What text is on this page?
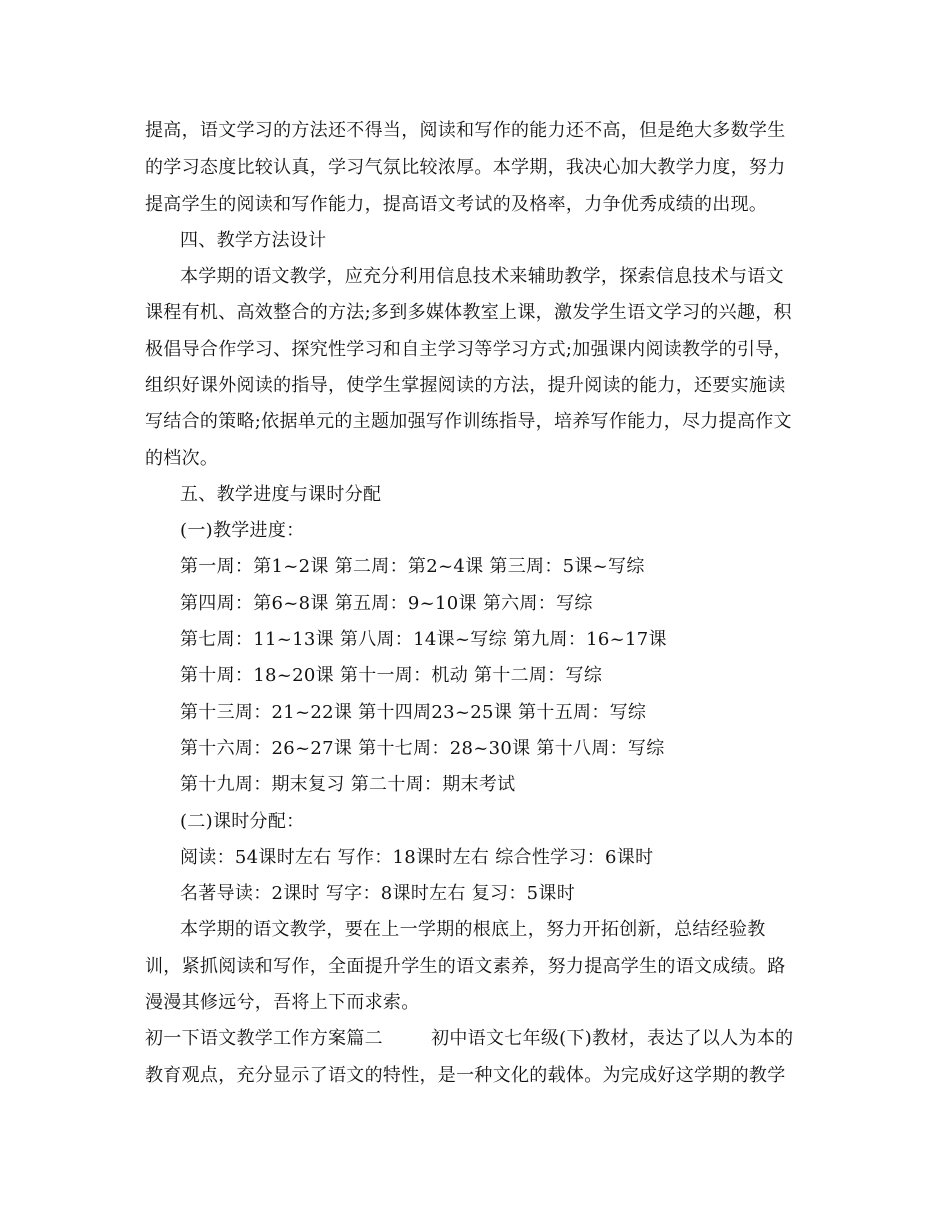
提高，语文学习的方法还不得当，阅读和写作的能力还不高，但是绝大多数学生
的学习态度比较认真，学习气氛比较浓厚。本学期，我决心加大教学力度，努力
提高学生的阅读和写作能力，提高语文考试的及格率，力争优秀成绩的出现。
四、教学方法设计
本学期的语文教学，应充分利用信息技术来辅助教学，探索信息技术与语文
课程有机、高效整合的方法;多到多媒体教室上课，激发学生语文学习的兴趣，积
极倡导合作学习、探究性学习和自主学习等学习方式;加强课内阅读教学的引导，
组织好课外阅读的指导，使学生掌握阅读的方法，提升阅读的能力，还要实施读
写结合的策略;依据单元的主题加强写作训练指导，培养写作能力，尽力提高作文
的档次。
五、教学进度与课时分配
(一)教学进度：
第一周：第1~2课 第二周：第2~4课 第三周：5课~写综
第四周：第6~8课 第五周：9~10课 第六周：写综
第七周：11~13课 第八周：14课~写综 第九周：16~17课
第十周：18~20课 第十一周：机动 第十二周：写综
第十三周：21~22课 第十四周23~25课 第十五周：写综
第十六周：26~27课 第十七周：28~30课 第十八周：写综
第十九周：期末复习 第二十周：期末考试
(二)课时分配：
阅读：54课时左右 写作：18课时左右 综合性学习：6课时
名著导读：2课时 写字：8课时左右 复习：5课时
本学期的语文教学，要在上一学期的根底上，努力开拓创新，总结经验教
训，紧抓阅读和写作，全面提升学生的语文素养，努力提高学生的语文成绩。路
漫漫其修远兮，吾将上下而求索。
初一下语文教学工作方案篇二        初中语文七年级(下)教材，表达了以人为本的
教育观点，充分显示了语文的特性，是一种文化的载体。为完成好这学期的教学
